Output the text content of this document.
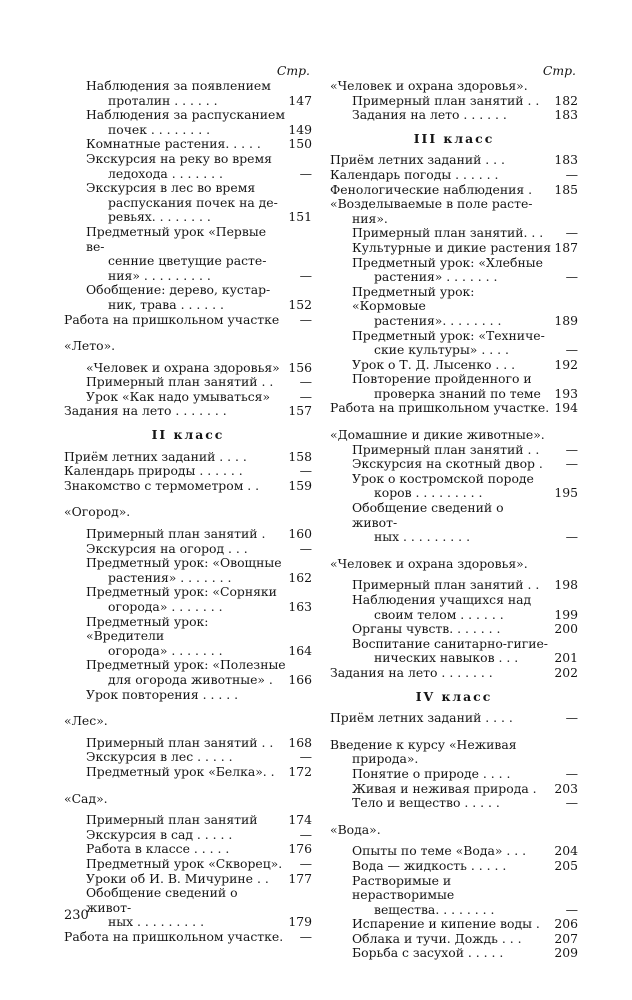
Стр.
Наблюдения за появлением
проталин . . . . . .	147
Наблюдения за распусканием
почек . . . . . . . .	149
Комнатные растения. . . . .	150
Экскурсия на реку во время
ледохода . . . . . . .	—
Экскурсия в лес во время
распускания почек на де-
ревьях. . . . . . . .	151
Предметный урок «Первые ве-
сенние цветущие расте-
ния» . . . . . . . . .	—
Обобщение: дерево, кустар-
ник, трава . . . . . .	152
Работа на пришкольном участке	—
«Лето».
«Человек и охрана здоровья» 156
Примерный план занятий . .	—
Урок «Как надо умываться»	—
Задания на лето . . . . . . .	157
II класс
Приём летних заданий . . . .	158
Календарь природы . . . . . .	—
Знакомство с термометром . .	159
«Огород».
Примерный план занятий .	160
Экскурсия на огород . . .	—
Предметный урок: «Овощные
растения» . . . . . . .	162
Предметный урок: «Сорняки
огорода» . . . . . . .	163
Предметный урок: «Вредители
огорода» . . . . . . .	164
Предметный урок: «Полезные
для огорода животные» .	166
Урок повторения . . . . .
«Лес».
Примерный план занятий . .	168
Экскурсия в лес . . . . .	—
Предметный урок «Белка». .	172
«Сад».
Примерный план занятий	174
Экскурсия в сад . . . . .	—
Работа в классе . . . . .	176
Предметный урок «Скворец».	—
Уроки об И. В. Мичурине . .	177
Обобщение сведений о живот-
ных . . . . . . . . .	179
Работа на пришкольном участке.	—
Стр.
«Человек и охрана здоровья».
Примерный план занятий . .	182
Задания на лето . . . . . .	183
III класс
Приём летних заданий . . .	183
Календарь погоды . . . . . .	—
Фенологические наблюдения .	185
«Возделываемые в поле расте-
ния».
Примерный план занятий. . .	—
Культурные и дикие растения 187
Предметный урок: «Хлебные
растения» . . . . . . .	—
Предметный урок: «Кормовые
растения». . . . . . . .	189
Предметный урок: «Техниче-
ские культуры» . . . .	—
Урок о Т. Д. Лысенко . . .	192
Повторение пройденного и
проверка знаний по теме	193
Работа на пришкольном участке. 194
«Домашние и дикие животные».
Примерный план занятий . .	—
Экскурсия на скотный двор .	—
Урок о костромской породе
коров . . . . . . . . .	195
Обобщение сведений о живот-
ных . . . . . . . . .	—
«Человек и охрана здоровья».
Примерный план занятий . .	198
Наблюдения учащихся над
своим телом . . . . . .	199
Органы чувств. . . . . . .	200
Воспитание санитарно-гигие-
нических навыков . . .	201
Задания на лето . . . . . . .	202
IV класс
Приём летних заданий . . . .	—
Введение к курсу «Неживая
природа».
Понятие о природе . . . .	—
Живая и неживая природа .	203
Тело и вещество . . . . .	—
«Вода».
Опыты по теме «Вода» . . .	204
Вода — жидкость . . . . .	205
Растворимые и нерастворимые
вещества. . . . . . . .	—
Испарение и кипение воды .	206
Облака и тучи. Дождь . . .	207
Борьба с засухой . . . . .	209
230
